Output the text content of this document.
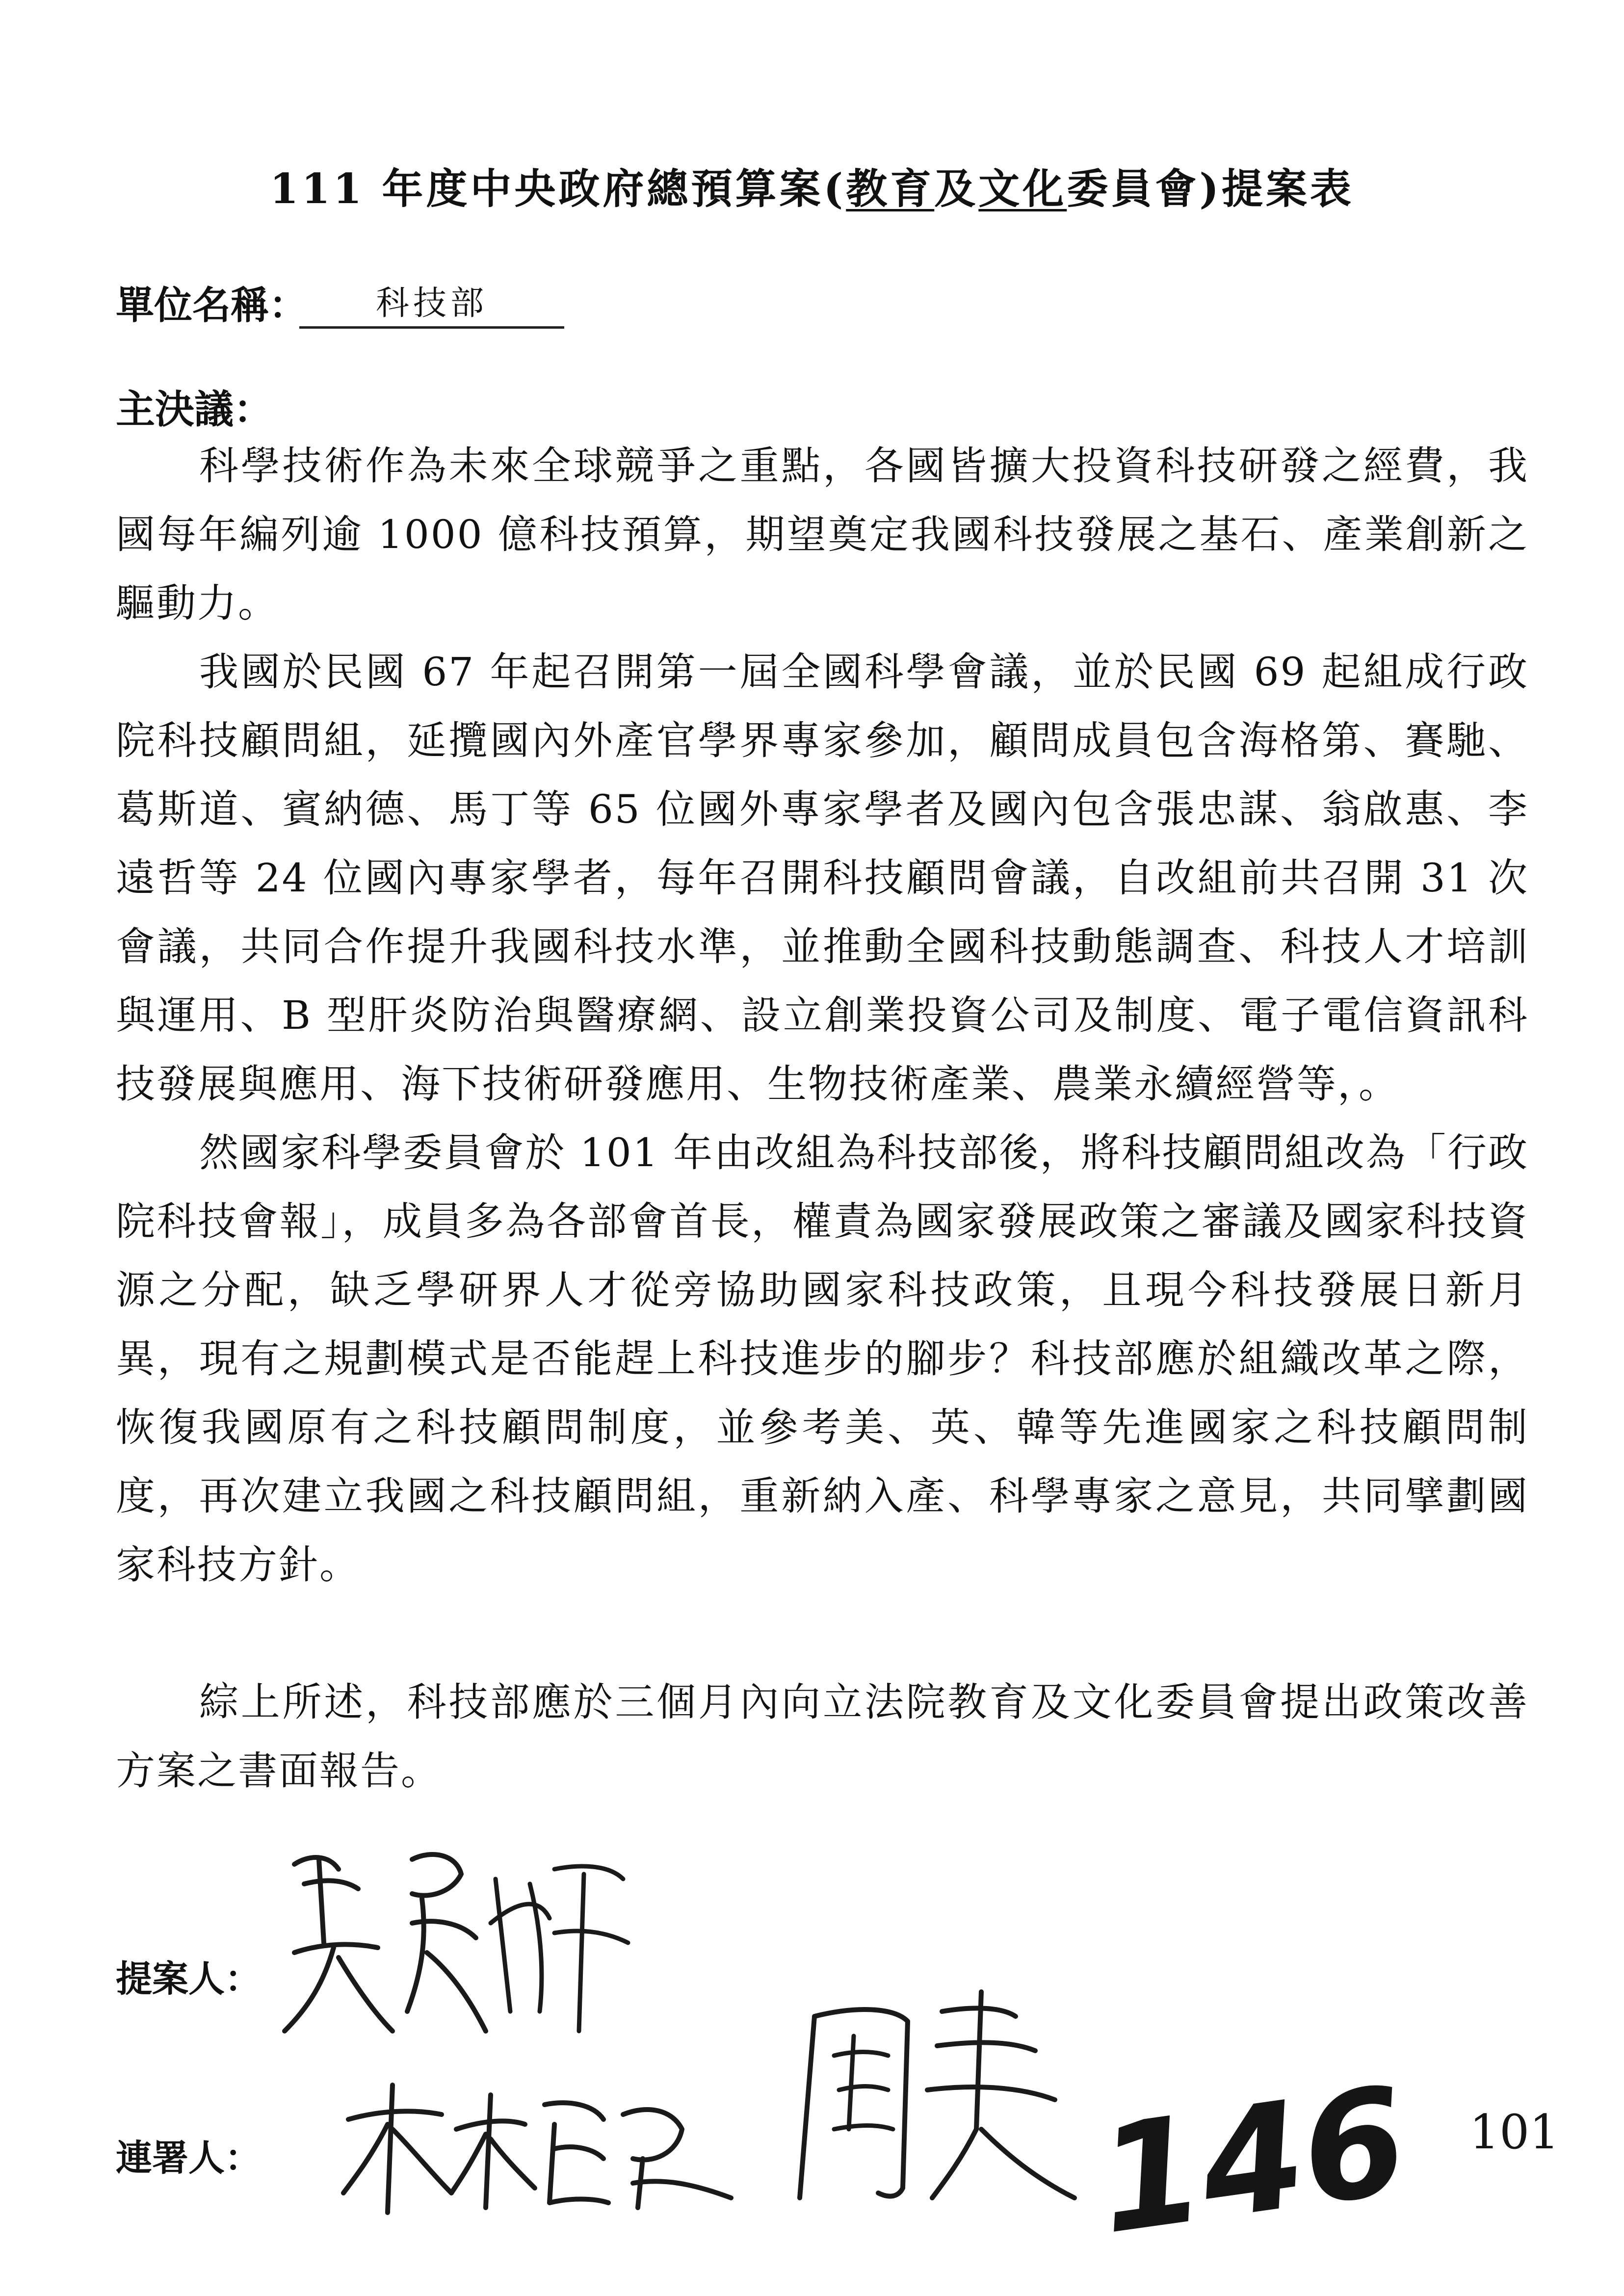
111 年度中央政府總預算案(教育及文化委員會)提案表
單位名稱：	科技部
主決議：

科學技術作為未來全球競爭之重點，各國皆擴大投資科技研發之經費，我國每年編列逾 1000 億科技預算，期望奠定我國科技發展之基石、產業創新之驅動力。

我國於民國 67 年起召開第一屆全國科學會議，並於民國 69 起組成行政院科技顧問組，延攬國內外產官學界專家參加，顧問成員包含海格第、賽馳、葛斯道、賓納德、馬丁等 65 位國外專家學者及國內包含張忠謀、翁啟惠、李遠哲等 24 位國內專家學者，每年召開科技顧問會議，自改組前共召開 31 次會議，共同合作提升我國科技水準，並推動全國科技動態調查、科技人才培訓與運用、B 型肝炎防治與醫療網、設立創業投資公司及制度、電子電信資訊科技發展與應用、海下技術研發應用、生物技術產業、農業永續經營等，。

然國家科學委員會於 101 年由改組為科技部後，將科技顧問組改為「行政院科技會報」，成員多為各部會首長，權責為國家發展政策之審議及國家科技資源之分配，缺乏學研界人才從旁協助國家科技政策，且現今科技發展日新月異，現有之規劃模式是否能趕上科技進步的腳步？科技部應於組織改革之際，恢復我國原有之科技顧問制度，並參考美、英、韓等先進國家之科技顧問制度，再次建立我國之科技顧問組，重新納入產、科學專家之意見，共同擘劃國家科技方針。

綜上所述，科技部應於三個月內向立法院教育及文化委員會提出政策改善方案之書面報告。

提案人：
連署人：	146 101
